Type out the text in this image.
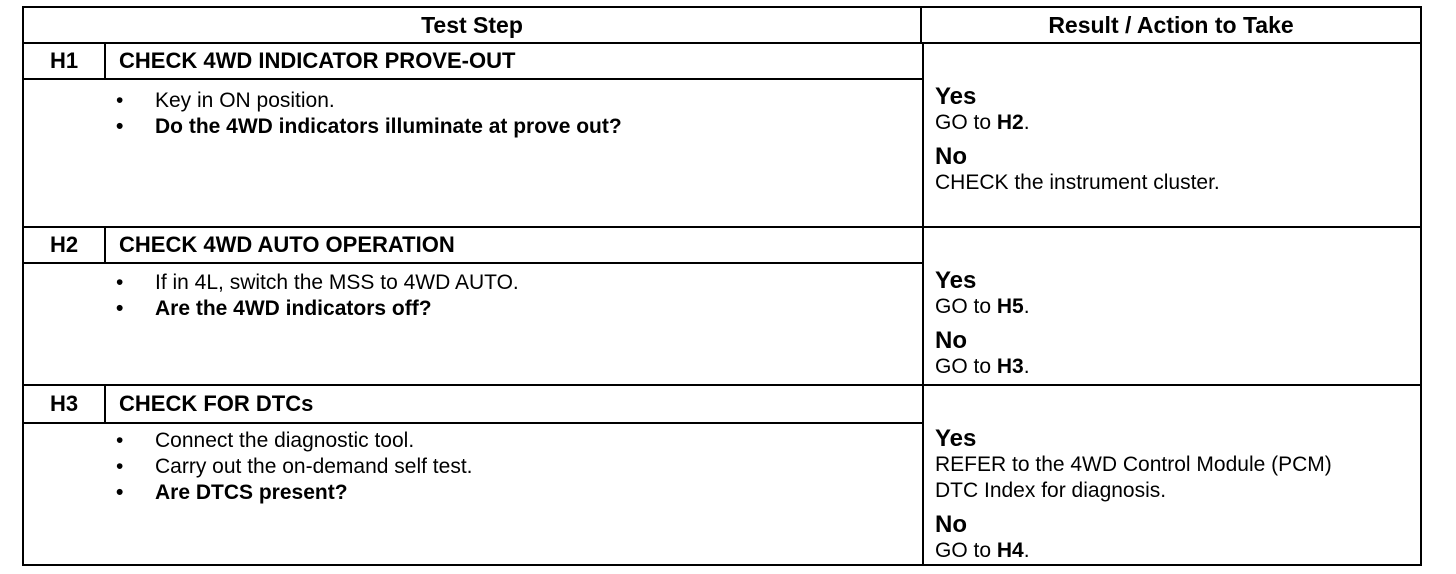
Test Step	Result / Action to Take
H1	CHECK 4WD INDICATOR PROVE-OUT
• Key in ON position.
• Do the 4WD indicators illuminate at prove out?
Yes
GO to H2.
No
CHECK the instrument cluster.
H2	CHECK 4WD AUTO OPERATION
• If in 4L, switch the MSS to 4WD AUTO.
• Are the 4WD indicators off?
Yes
GO to H5.
No
GO to H3.
H3	CHECK FOR DTCs
• Connect the diagnostic tool.
• Carry out the on-demand self test.
• Are DTCS present?
Yes
REFER to the 4WD Control Module (PCM)
DTC Index for diagnosis.
No
GO to H4.
